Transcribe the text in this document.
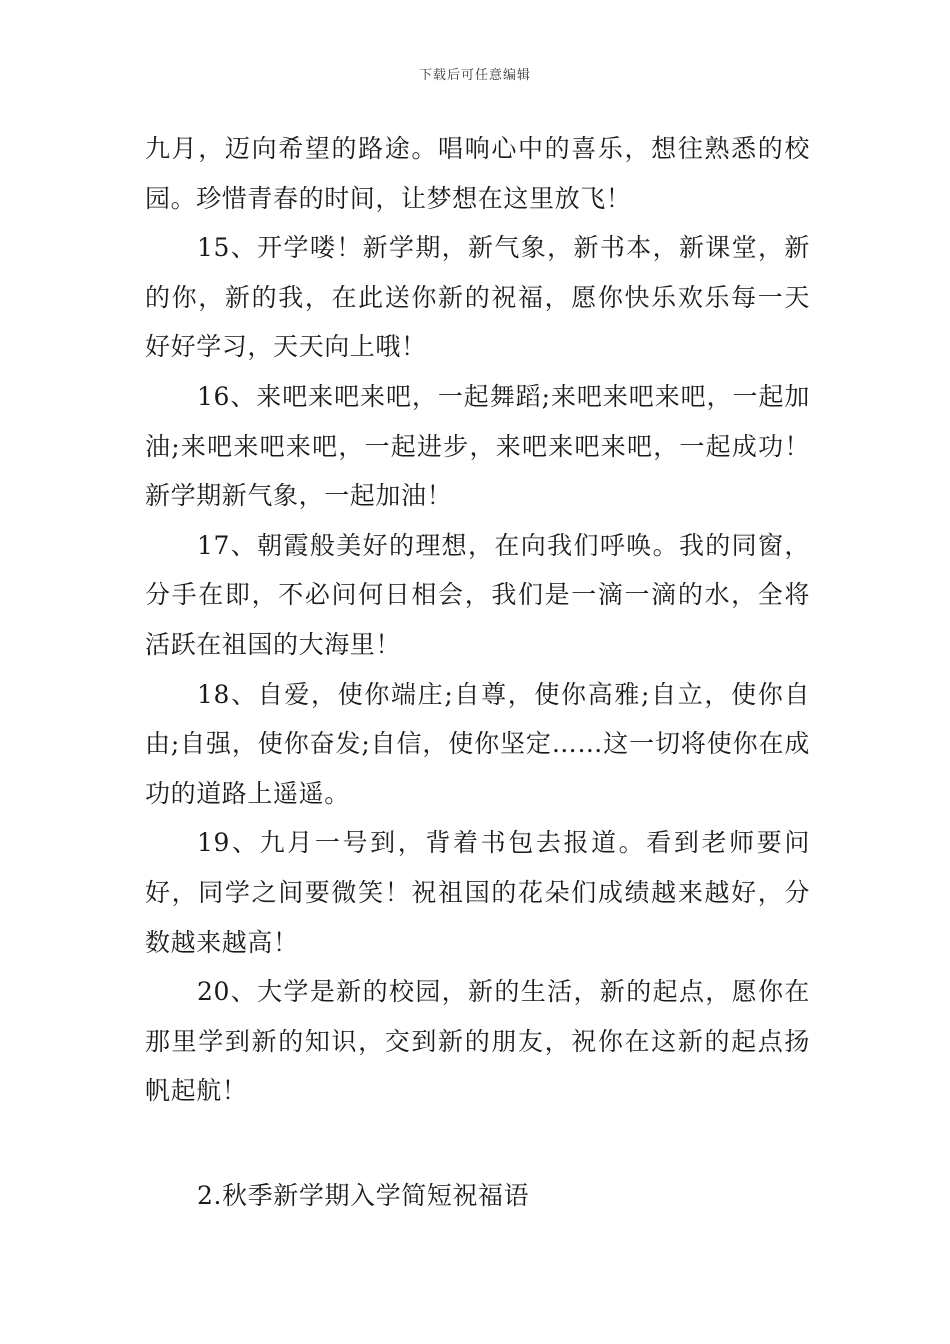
下载后可任意编辑

九月，迈向希望的路途。唱响心中的喜乐，想往熟悉的校园。珍惜青春的时间，让梦想在这里放飞！

15、开学喽！新学期，新气象，新书本，新课堂，新的你，新的我，在此送你新的祝福，愿你快乐欢乐每一天好好学习，天天向上哦！

16、来吧来吧来吧，一起舞蹈;来吧来吧来吧，一起加油;来吧来吧来吧，一起进步，来吧来吧来吧，一起成功！新学期新气象，一起加油！

17、朝霞般美好的理想，在向我们呼唤。我的同窗，分手在即，不必问何日相会，我们是一滴一滴的水，全将活跃在祖国的大海里！

18、自爱，使你端庄;自尊，使你高雅;自立，使你自由;自强，使你奋发;自信，使你坚定……这一切将使你在成功的道路上遥遥。

19、九月一号到，背着书包去报道。看到老师要问好，同学之间要微笑！祝祖国的花朵们成绩越来越好，分数越来越高！

20、大学是新的校园，新的生活，新的起点，愿你在那里学到新的知识，交到新的朋友，祝你在这新的起点扬帆起航！

2.秋季新学期入学简短祝福语
